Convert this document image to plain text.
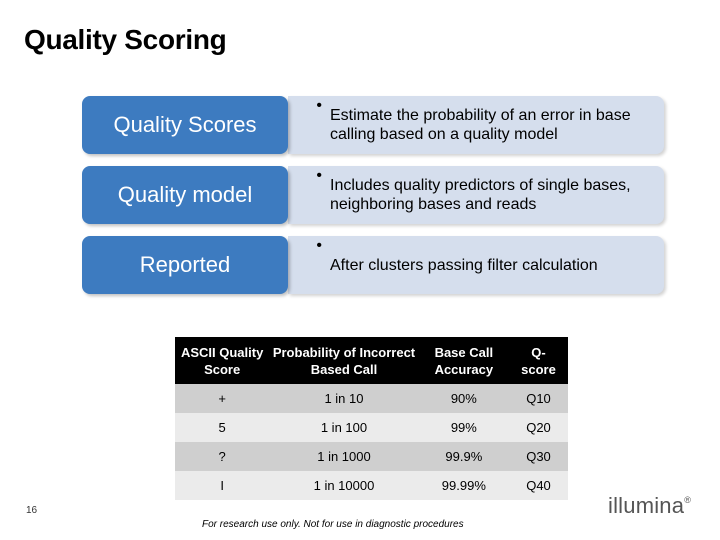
Quality Scoring
Quality Scores
•
Estimate the probability of an error in base calling based on a quality model
Quality model
•
Includes quality predictors of single bases, neighboring bases and reads
Reported
•
After clusters passing filter calculation
ASCII Quality Score	Probability of Incorrect Based Call	Base Call Accuracy	Q-score
+	1 in 10	90%	Q10
5	1 in 100	99%	Q20
?	1 in 1000	99.9%	Q30
I	1 in 10000	99.99%	Q40
16
For research use only. Not for use in diagnostic procedures
illumina®
